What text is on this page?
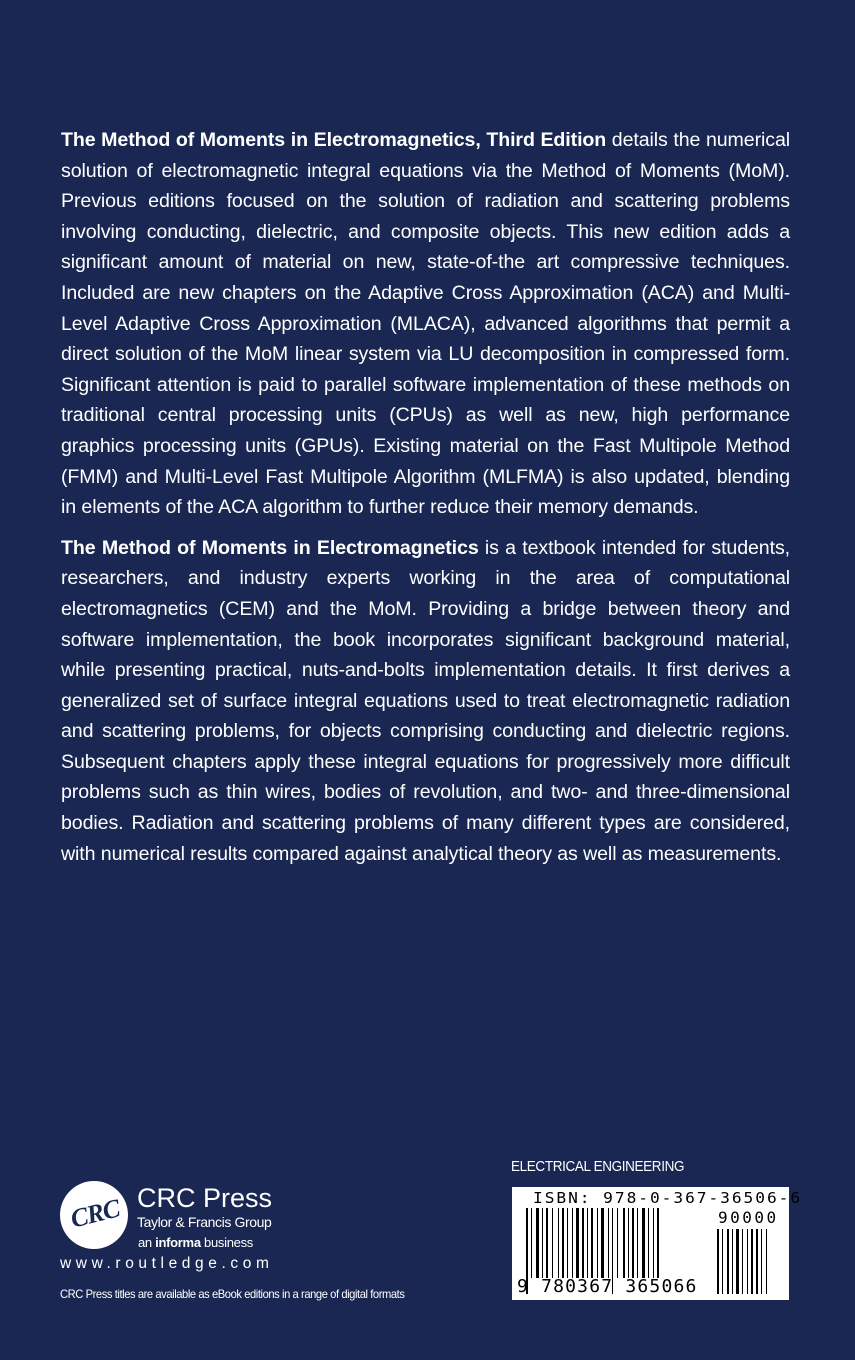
The Method of Moments in Electromagnetics, Third Edition details the numerical solution of electromagnetic integral equations via the Method of Moments (MoM). Previous editions focused on the solution of radiation and scattering problems involving conducting, dielectric, and composite objects. This new edition adds a significant amount of material on new, state-of-the art compressive techniques. Included are new chapters on the Adaptive Cross Approximation (ACA) and Multi-Level Adaptive Cross Approximation (MLACA), advanced algorithms that permit a direct solution of the MoM linear system via LU decomposition in compressed form. Significant attention is paid to parallel software implementation of these methods on traditional central processing units (CPUs) as well as new, high performance graphics processing units (GPUs). Existing material on the Fast Multipole Method (FMM) and Multi-Level Fast Multipole Algorithm (MLFMA) is also updated, blending in elements of the ACA algorithm to further reduce their memory demands.

The Method of Moments in Electromagnetics is a textbook intended for students, researchers, and industry experts working in the area of computational electromagnetics (CEM) and the MoM. Providing a bridge between theory and software implementation, the book incorporates significant background material, while presenting practical, nuts-and-bolts implementation details. It first derives a generalized set of surface integral equations used to treat electromagnetic radiation and scattering problems, for objects comprising conducting and dielectric regions. Subsequent chapters apply these integral equations for progressively more difficult problems such as thin wires, bodies of revolution, and two- and three-dimensional bodies. Radiation and scattering problems of many different types are considered, with numerical results compared against analytical theory as well as measurements.

CRC CRC Press
Taylor & Francis Group
an informa business
www.routledge.com
CRC Press titles are available as eBook editions in a range of digital formats
ELECTRICAL ENGINEERING
ISBN: 978-0-367-36506-6
90000
9 780367 365066
